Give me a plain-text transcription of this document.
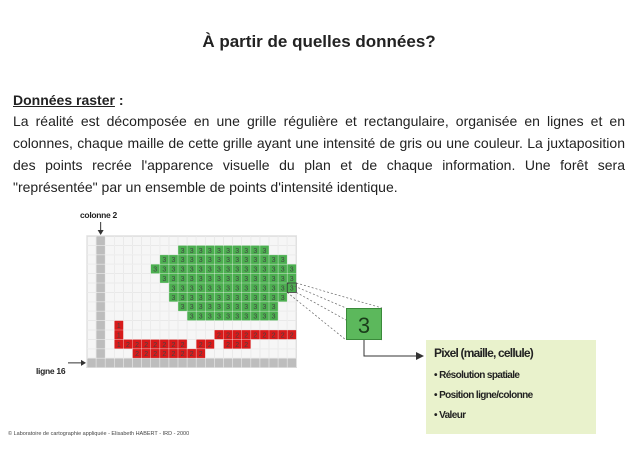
À partir de quelles données?
Données raster :
La réalité est décomposée en une grille régulière et rectangulaire, organisée en lignes et en colonnes, chaque maille de cette grille ayant une intensité de gris ou une couleur. La juxtaposition des points recrée l'apparence visuelle du plan et de chaque information. Une forêt sera "représentée" par un ensemble de points d'intensité identique.
colonne 2
ligne 16
3 3 3 3 3 3 3 3 3 3
3 3 3 3 3 3 3 3 3 3 3 3 3 3
3 3 3 3 3 3 3 3 3 3 3 3 3 3 3 3
3 3 3 3 3 3 3 3 3 3 3 3 3 3 3
3 3 3 3 3 3 3 3 3 3 3 3 3 3
3 3 3 3 3 3 3 3 3 3 3 3 3
3 3 3 3 3 3 3 3 3 3 3
3 3 3 3 3 3 3 3 3 3
2 2 2 2 2 2 2 2 2
2 2 2 2 2 2 2
2 2 2 2 2 2
2 2
2 2
2 2 2
1
1
1
3
Pixel (maille, cellule)
• Résolution spatiale
• Position ligne/colonne
• Valeur
© Laboratoire de cartographie appliquée - Elisabeth HABERT - IRD - 2000
